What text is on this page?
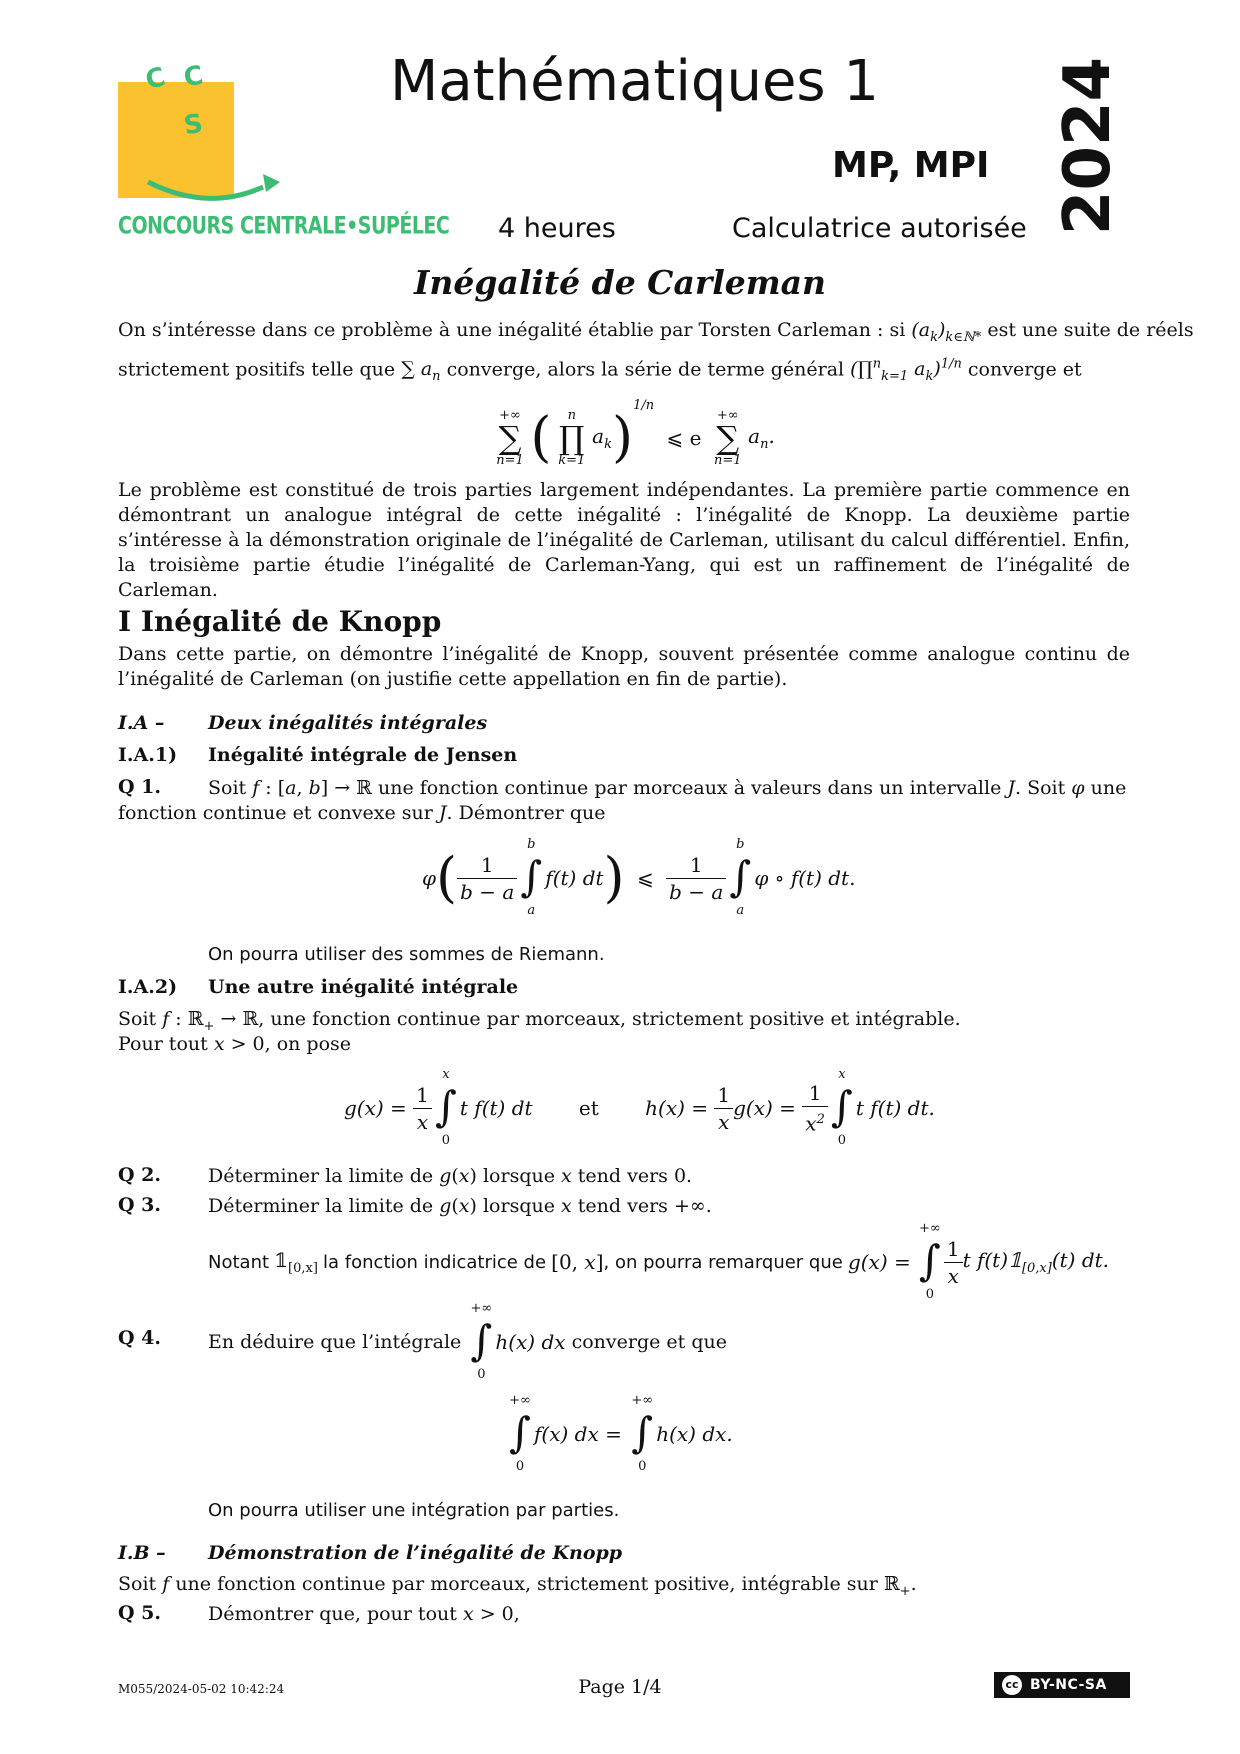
C C
S
CONCOURS CENTRALE•SUPÉLEC
Mathématiques 1
MP, MPI
4 heures	Calculatrice autorisée 2024
Inégalité de Carleman
On s’intéresse dans ce problème à une inégalité établie par Torsten Carleman : si $(a_k)_{k\in ℕ*}$ est une suite de réels
strictement positifs telle que ∑ $a_n$ converge, alors la série de terme général (∏$^n_{k=1}$ $a_k)^{1/n}$ converge et
+∞
∑
n=1 (	n
∏
k=1
$a_k)^{1/n}$ ⩽ e
+∞
∑
n=1
$a_n$.
Le problème est constitué de trois parties largement indépendantes. La première partie commence en démontrant un analogue intégral de cette inégalité : l’inégalité de Knopp. La deuxième partie s’intéresse à la démonstration originale de l’inégalité de Carleman, utilisant du calcul différentiel. Enfin, la troisième partie étudie l’inégalité de Carleman-Yang, qui est un raffinement de l’inégalité de Carleman.
I Inégalité de Knopp
Dans cette partie, on démontre l’inégalité de Knopp, souvent présentée comme analogue continu de l’inégalité de Carleman (on justifie cette appellation en fin de partie).
I.A – Deux inégalités intégrales
I.A.1) Inégalité intégrale de Jensen
Q 1. Soit f : [a, b] → ℝ une fonction continue par morceaux à valeurs dans un intervalle J. Soit φ une
fonction continue et convexe sur J. Démontrer que
$\varphi( \frac{1}{b - a}$
b
∫
a
f(t) dt) ⩽ $\frac{1}{b - a}$
b
∫
a
φ ∘ f(t) dt.
On pourra utiliser des sommes de Riemann.
I.A.2) Une autre inégalité intégrale
Soit f : ℝ$_+$ → ℝ, une fonction continue par morceaux, strictement positive et intégrable.
Pour tout x > 0, on pose
$g(x) = \frac{1}{x}$
x
∫
0
t f(t) dt et $h(x) = \frac{1}{x} g(x) = \frac{1}{x^2}$
x
∫
0
t f(t) dt.
Q 2. Déterminer la limite de g(x) lorsque x tend vers 0.
Q 3. Déterminer la limite de g(x) lorsque x tend vers +∞.
Notant $𝟙_{[0,x]}$ la fonction indicatrice de [0, x], on pourra remarquer que g(x) =
+∞
∫
0
$\frac{1}{x}$ t $f(t)𝟙_{[0,x]}(t)$ dt.
Q 4. En déduire que l’intégrale
+∞
∫
0
h(x) dx converge et que
+∞
∫
0
f(x) dx =
+∞
∫
0
h(x) dx.
On pourra utiliser une intégration par parties.
I.B – Démonstration de l’inégalité de Knopp
Soit f une fonction continue par morceaux, strictement positive, intégrable sur ℝ$_+$.
Q 5. Démontrer que, pour tout x > 0,
M055/2024-05-02 10:42:24	Page 1/4	cc BY-NC-SA
